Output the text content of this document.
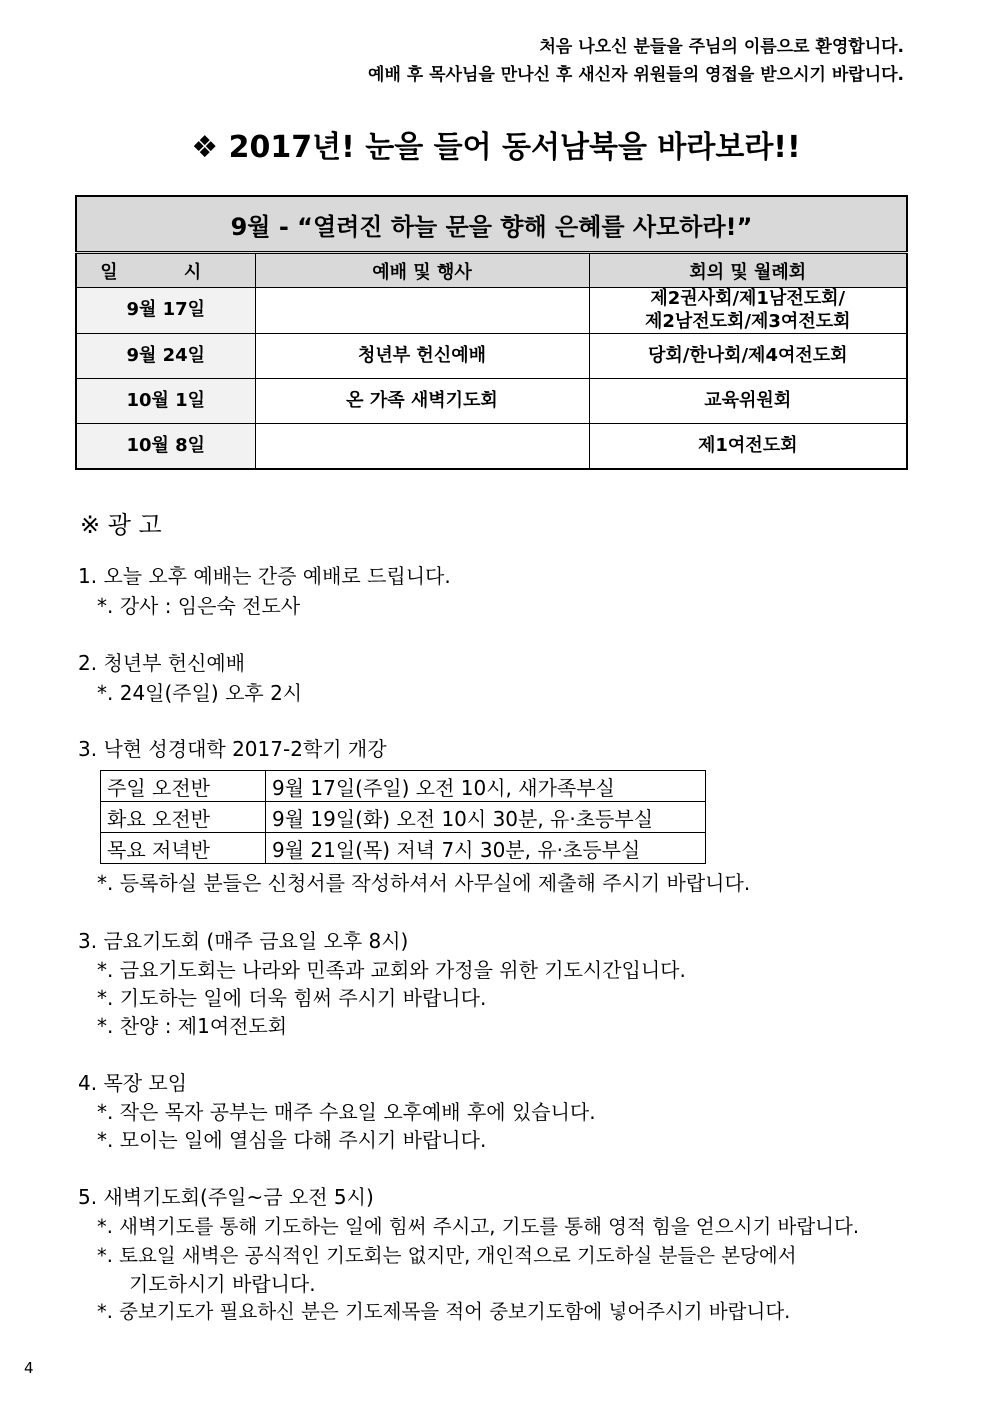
처음 나오신 분들을 주님의 이름으로 환영합니다.
예배 후 목사님을 만나신 후 새신자 위원들의 영접을 받으시기 바랍니다.
❖ 2017년! 눈을 들어 동서남북을 바라보라!!
9월 - “열려진 하늘 문을 향해 은혜를 사모하라!”		
일 시	예배 및 행사	회의 및 월례회
9월 17일		제2권사회/제1남전도회/
제2남전도회/제3여전도회

9월 24일	청년부 헌신예배	당회/한나회/제4여전도회
10월 1일	온 가족 새벽기도회	교육위원회
10월 8일		제1여전도회
※ 광 고
1. 오늘 오후 예배는 간증 예배로 드립니다.
*. 강사 : 임은숙 전도사
2. 청년부 헌신예배
*. 24일(주일) 오후 2시
3. 낙현 성경대학 2017-2학기 개강
주일 오전반	9월 17일(주일) 오전 10시, 새가족부실
화요 오전반	9월 19일(화) 오전 10시 30분, 유·초등부실
목요 저녁반	9월 21일(목) 저녁 7시 30분, 유·초등부실
*. 등록하실 분들은 신청서를 작성하셔서 사무실에 제출해 주시기 바랍니다.
3. 금요기도회 (매주 금요일 오후 8시)
*. 금요기도회는 나라와 민족과 교회와 가정을 위한 기도시간입니다.
*. 기도하는 일에 더욱 힘써 주시기 바랍니다.
*. 찬양 : 제1여전도회
4. 목장 모임
*. 작은 목자 공부는 매주 수요일 오후예배 후에 있습니다.
*. 모이는 일에 열심을 다해 주시기 바랍니다.
5. 새벽기도회(주일~금 오전 5시)
*. 새벽기도를 통해 기도하는 일에 힘써 주시고, 기도를 통해 영적 힘을 얻으시기 바랍니다.
*. 토요일 새벽은 공식적인 기도회는 없지만, 개인적으로 기도하실 분들은 본당에서
기도하시기 바랍니다.
*. 중보기도가 필요하신 분은 기도제목을 적어 중보기도함에 넣어주시기 바랍니다.
4
